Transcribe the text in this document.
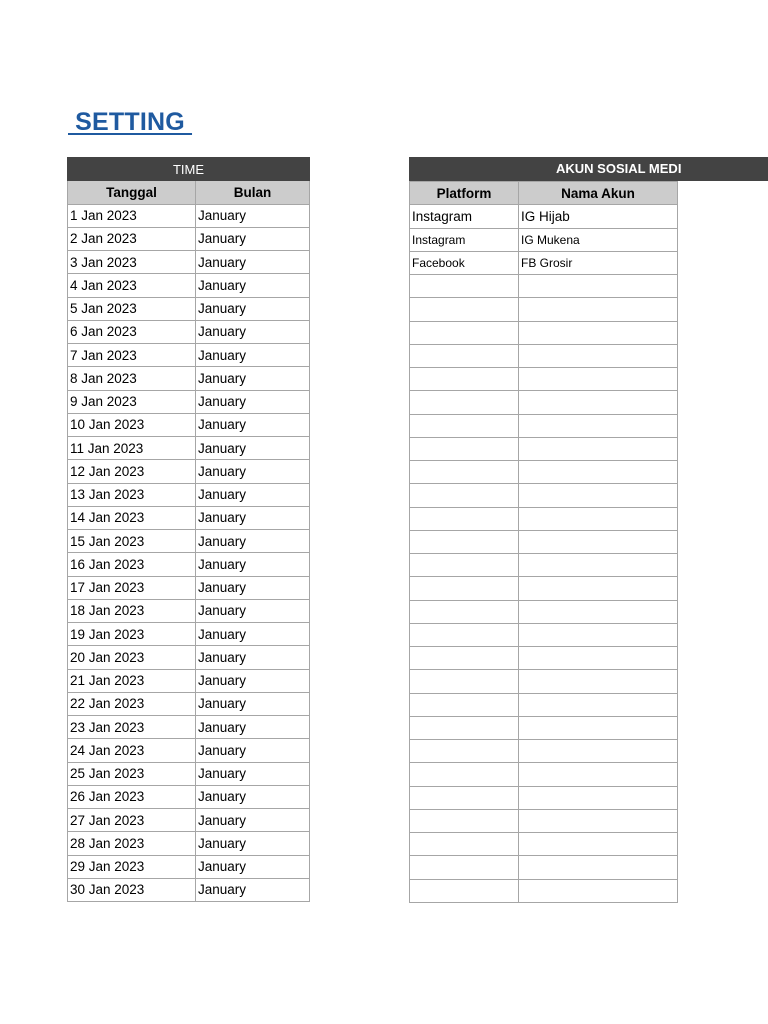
SETTING
TIME	
Tanggal	Bulan
1 Jan 2023	January
2 Jan 2023	January
3 Jan 2023	January
4 Jan 2023	January
5 Jan 2023	January
6 Jan 2023	January
7 Jan 2023	January
8 Jan 2023	January
9 Jan 2023	January
10 Jan 2023	January
11 Jan 2023	January
12 Jan 2023	January
13 Jan 2023	January
14 Jan 2023	January
15 Jan 2023	January
16 Jan 2023	January
17 Jan 2023	January
18 Jan 2023	January
19 Jan 2023	January
20 Jan 2023	January
21 Jan 2023	January
22 Jan 2023	January
23 Jan 2023	January
24 Jan 2023	January
25 Jan 2023	January
26 Jan 2023	January
27 Jan 2023	January
28 Jan 2023	January
29 Jan 2023	January
30 Jan 2023	January
AKUN SOSIAL MEDI
Platform	Nama Akun
Instagram	IG Hijab
Instagram	IG Mukena
Facebook	FB Grosir
